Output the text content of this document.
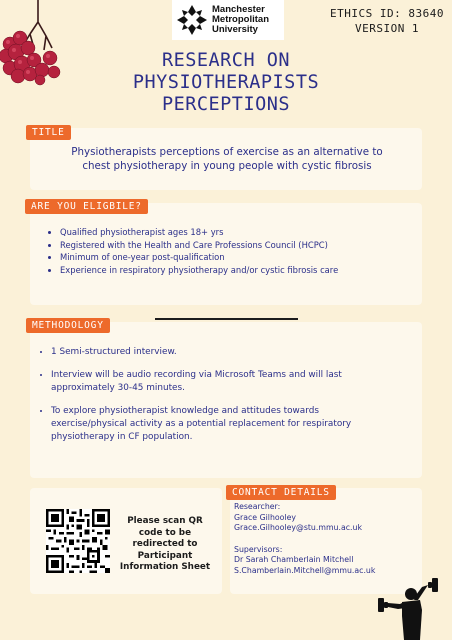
Manchester
Metropolitan
University
ETHICS ID: 83640
VERSION 1
RESEARCH ON
PHYSIOTHERAPISTS
PERCEPTIONS
TITLE
Physiotherapists perceptions of exercise as an alternative to chest physiotherapy in young people with cystic fibrosis
ARE YOU ELIGBILE?
• Qualified physiotherapist ages 18+ yrs
• Registered with the Health and Care Professions Council (HCPC)
• Minimum of one-year post-qualification
• Experience in respiratory physiotherapy and/or cystic fibrosis care
METHODOLOGY
• 1 Semi-structured interview.
• Interview will be audio recording via Microsoft Teams and will last approximately 30-45 minutes.
• To explore physiotherapist knowledge and attitudes towards exercise/physical activity as a potential replacement for respiratory physiotherapy in CF population.
Please scan QR code to be redirected to Participant Information Sheet
CONTACT DETAILS
Researcher:
Grace Gilhooley
Grace.Gilhooley@stu.mmu.ac.uk
Supervisors:
Dr Sarah Chamberlain Mitchell
S.Chamberlain.Mitchell@mmu.ac.uk
